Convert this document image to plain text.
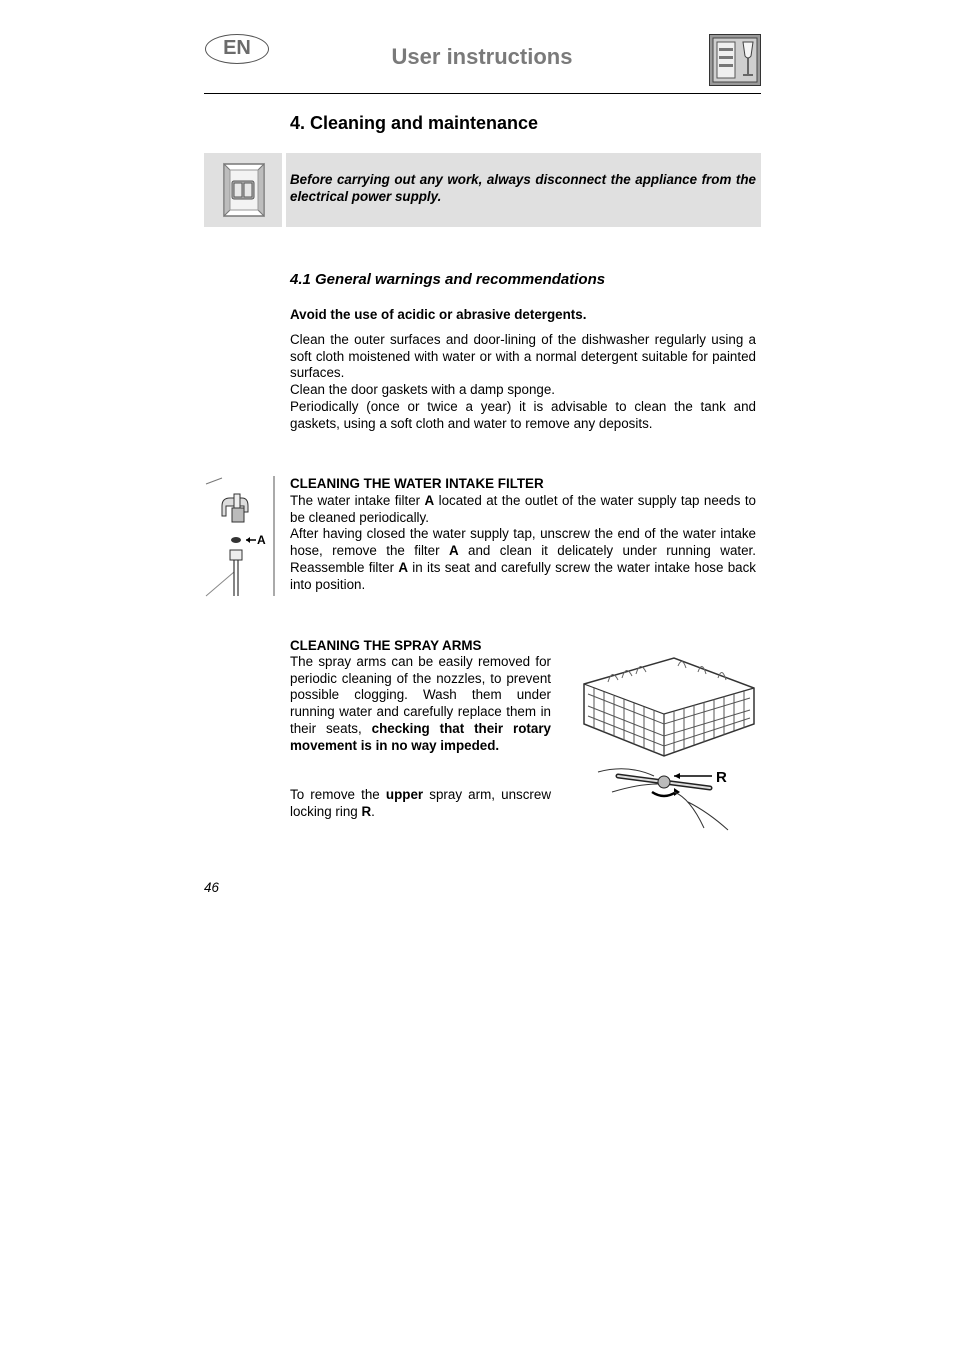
EN	User instructions
4. Cleaning and maintenance
Before carrying out any work, always disconnect the appliance from the electrical power supply.
4.1 General warnings and recommendations
Avoid the use of acidic or abrasive detergents.

Clean the outer surfaces and door-lining of the dishwasher regularly using a soft cloth moistened with water or with a normal detergent suitable for painted surfaces.

Clean the door gaskets with a damp sponge.

Periodically (once or twice a year) it is advisable to clean the tank and gaskets, using a soft cloth and water to remove any deposits.

A
CLEANING THE WATER INTAKE FILTER

The water intake filter A located at the outlet of the water supply tap needs to be cleaned periodically.

After having closed the water supply tap, unscrew the end of the water intake hose, remove the filter A and clean it delicately under running water. Reassemble filter A in its seat and carefully screw the water intake hose back into position.

CLEANING THE SPRAY ARMS
The spray arms can be easily removed for periodic cleaning of the nozzles, to prevent possible clogging. Wash them under running water and carefully replace them in their seats, checking that their rotary movement is in no way impeded.
To remove the upper spray arm, unscrew locking ring R.
R
46
